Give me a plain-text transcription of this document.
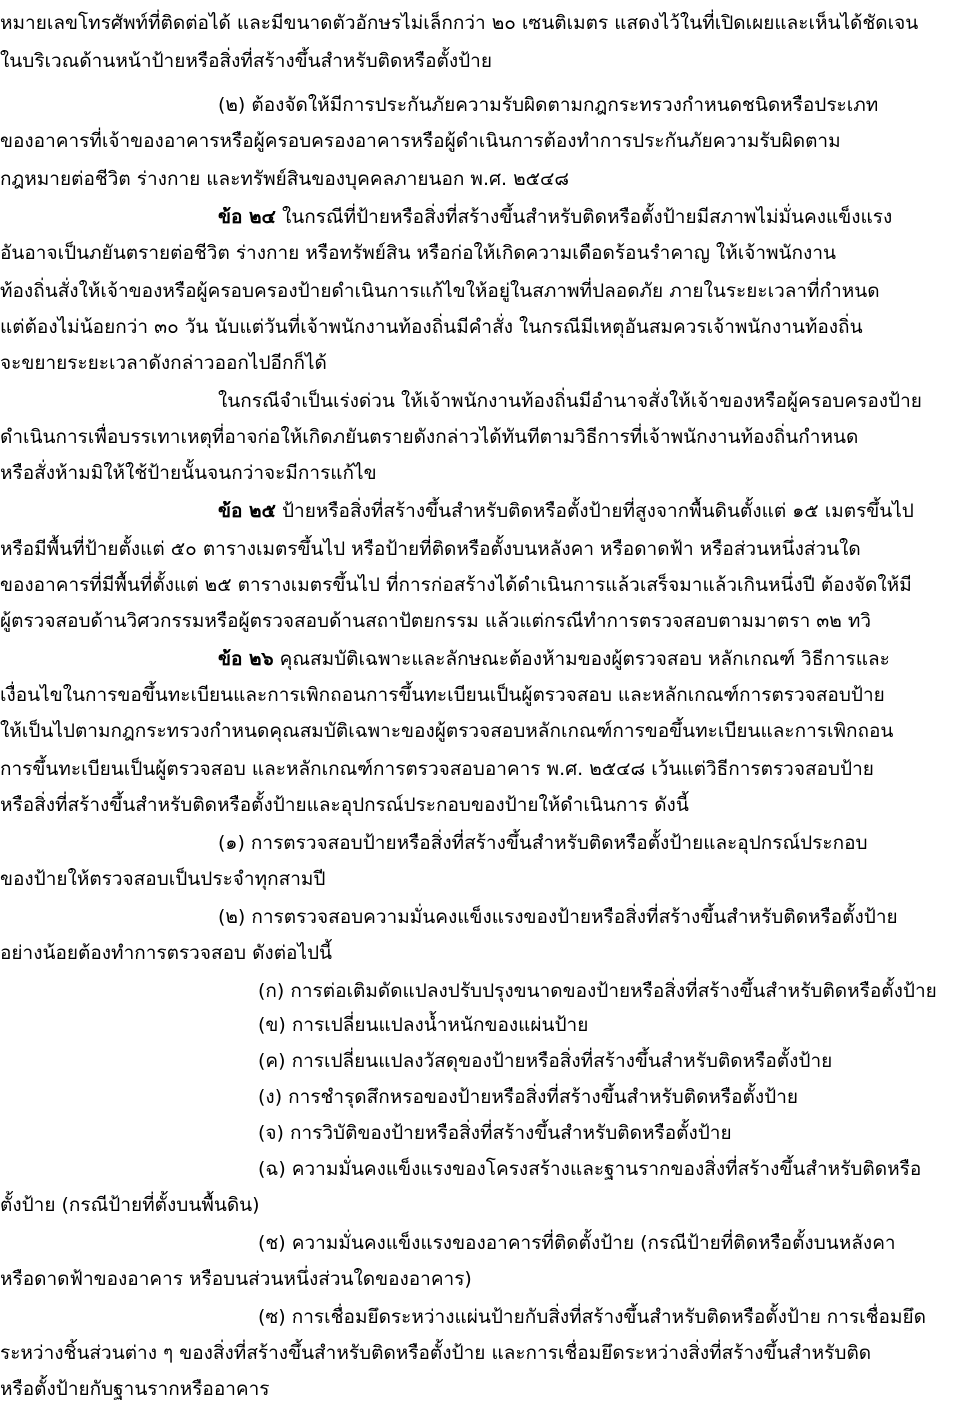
หมายเลขโทรศัพท์ที่ติดต่อได้ และมีขนาดตัวอักษรไม่เล็กกว่า ๒๐ เซนติเมตร แสดงไว้ในที่เปิดเผยและเห็นได้ชัดเจน
ในบริเวณด้านหน้าป้ายหรือสิ่งที่สร้างขึ้นสำหรับติดหรือตั้งป้าย
(๒) ต้องจัดให้มีการประกันภัยความรับผิดตามกฎกระทรวงกำหนดชนิดหรือประเภท
ของอาคารที่เจ้าของอาคารหรือผู้ครอบครองอาคารหรือผู้ดำเนินการต้องทำการประกันภัยความรับผิดตาม
กฎหมายต่อชีวิต ร่างกาย และทรัพย์สินของบุคคลภายนอก พ.ศ. ๒๕๔๘
ข้อ ๒๔ ในกรณีที่ป้ายหรือสิ่งที่สร้างขึ้นสำหรับติดหรือตั้งป้ายมีสภาพไม่มั่นคงแข็งแรง
อันอาจเป็นภยันตรายต่อชีวิต ร่างกาย หรือทรัพย์สิน หรือก่อให้เกิดความเดือดร้อนรำคาญ ให้เจ้าพนักงาน
ท้องถิ่นสั่งให้เจ้าของหรือผู้ครอบครองป้ายดำเนินการแก้ไขให้อยู่ในสภาพที่ปลอดภัย ภายในระยะเวลาที่กำหนด
แต่ต้องไม่น้อยกว่า ๓๐ วัน นับแต่วันที่เจ้าพนักงานท้องถิ่นมีคำสั่ง ในกรณีมีเหตุอันสมควรเจ้าพนักงานท้องถิ่น
จะขยายระยะเวลาดังกล่าวออกไปอีกก็ได้
ในกรณีจำเป็นเร่งด่วน ให้เจ้าพนักงานท้องถิ่นมีอำนาจสั่งให้เจ้าของหรือผู้ครอบครองป้าย
ดำเนินการเพื่อบรรเทาเหตุที่อาจก่อให้เกิดภยันตรายดังกล่าวได้ทันทีตามวิธีการที่เจ้าพนักงานท้องถิ่นกำหนด
หรือสั่งห้ามมิให้ใช้ป้ายนั้นจนกว่าจะมีการแก้ไข
ข้อ ๒๕ ป้ายหรือสิ่งที่สร้างขึ้นสำหรับติดหรือตั้งป้ายที่สูงจากพื้นดินตั้งแต่ ๑๕ เมตรขึ้นไป
หรือมีพื้นที่ป้ายตั้งแต่ ๕๐ ตารางเมตรขึ้นไป หรือป้ายที่ติดหรือตั้งบนหลังคา หรือดาดฟ้า หรือส่วนหนึ่งส่วนใด
ของอาคารที่มีพื้นที่ตั้งแต่ ๒๕ ตารางเมตรขึ้นไป ที่การก่อสร้างได้ดำเนินการแล้วเสร็จมาแล้วเกินหนึ่งปี ต้องจัดให้มี
ผู้ตรวจสอบด้านวิศวกรรมหรือผู้ตรวจสอบด้านสถาปัตยกรรม แล้วแต่กรณีทำการตรวจสอบตามมาตรา ๓๒ ทวิ
ข้อ ๒๖ คุณสมบัติเฉพาะและลักษณะต้องห้ามของผู้ตรวจสอบ หลักเกณฑ์ วิธีการและ
เงื่อนไขในการขอขึ้นทะเบียนและการเพิกถอนการขึ้นทะเบียนเป็นผู้ตรวจสอบ และหลักเกณฑ์การตรวจสอบป้าย
ให้เป็นไปตามกฎกระทรวงกำหนดคุณสมบัติเฉพาะของผู้ตรวจสอบหลักเกณฑ์การขอขึ้นทะเบียนและการเพิกถอน
การขึ้นทะเบียนเป็นผู้ตรวจสอบ และหลักเกณฑ์การตรวจสอบอาคาร พ.ศ. ๒๕๔๘ เว้นแต่วิธีการตรวจสอบป้าย
หรือสิ่งที่สร้างขึ้นสำหรับติดหรือตั้งป้ายและอุปกรณ์ประกอบของป้ายให้ดำเนินการ ดังนี้
(๑) การตรวจสอบป้ายหรือสิ่งที่สร้างขึ้นสำหรับติดหรือตั้งป้ายและอุปกรณ์ประกอบ
ของป้ายให้ตรวจสอบเป็นประจำทุกสามปี
(๒) การตรวจสอบความมั่นคงแข็งแรงของป้ายหรือสิ่งที่สร้างขึ้นสำหรับติดหรือตั้งป้าย
อย่างน้อยต้องทำการตรวจสอบ ดังต่อไปนี้
(ก) การต่อเติมดัดแปลงปรับปรุงขนาดของป้ายหรือสิ่งที่สร้างขึ้นสำหรับติดหรือตั้งป้าย
(ข) การเปลี่ยนแปลงน้ำหนักของแผ่นป้าย
(ค) การเปลี่ยนแปลงวัสดุของป้ายหรือสิ่งที่สร้างขึ้นสำหรับติดหรือตั้งป้าย
(ง) การชำรุดสึกหรอของป้ายหรือสิ่งที่สร้างขึ้นสำหรับติดหรือตั้งป้าย
(จ) การวิบัติของป้ายหรือสิ่งที่สร้างขึ้นสำหรับติดหรือตั้งป้าย
(ฉ) ความมั่นคงแข็งแรงของโครงสร้างและฐานรากของสิ่งที่สร้างขึ้นสำหรับติดหรือ
ตั้งป้าย (กรณีป้ายที่ตั้งบนพื้นดิน)
(ช) ความมั่นคงแข็งแรงของอาคารที่ติดตั้งป้าย (กรณีป้ายที่ติดหรือตั้งบนหลังคา
หรือดาดฟ้าของอาคาร หรือบนส่วนหนึ่งส่วนใดของอาคาร)
(ซ) การเชื่อมยึดระหว่างแผ่นป้ายกับสิ่งที่สร้างขึ้นสำหรับติดหรือตั้งป้าย การเชื่อมยึด
ระหว่างชิ้นส่วนต่าง ๆ ของสิ่งที่สร้างขึ้นสำหรับติดหรือตั้งป้าย และการเชื่อมยึดระหว่างสิ่งที่สร้างขึ้นสำหรับติด
หรือตั้งป้ายกับฐานรากหรืออาคาร
